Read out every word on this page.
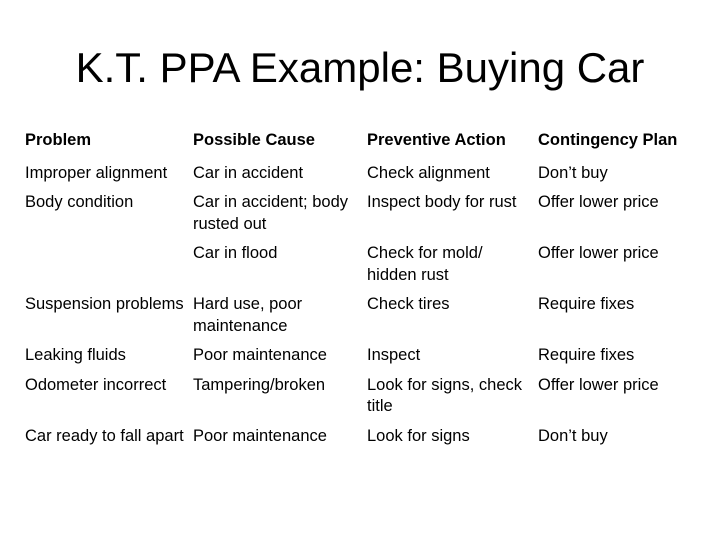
K.T. PPA Example: Buying Car
Problem	Possible Cause	Preventive Action	Contingency Plan
Improper alignment	Car in accident	Check alignment	Don’t buy
Body condition	Car in accident; body rusted out	Inspect body for rust	Offer lower price
	Car in flood	Check for mold/ hidden rust	Offer lower price
Suspension problems	Hard use, poor maintenance	Check tires	Require fixes
Leaking fluids	Poor maintenance	Inspect	Require fixes
Odometer incorrect	Tampering/broken	Look for signs, check title	Offer lower price
Car ready to fall apart	Poor maintenance	Look for signs	Don’t buy
